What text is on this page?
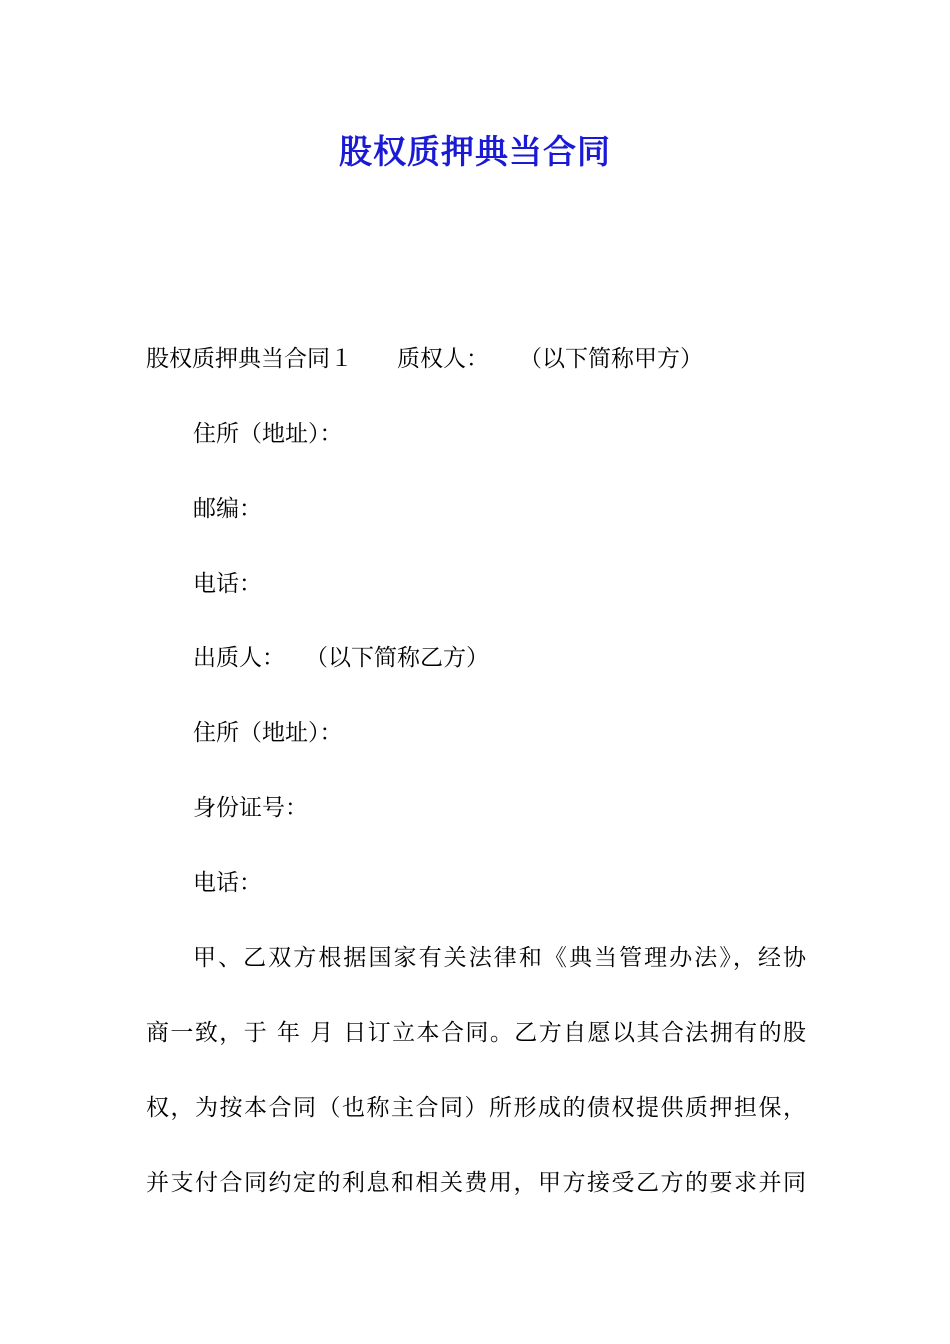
股权质押典当合同
股权质押典当合同１ 质权人： （以下简称甲方）
住所（地址）：
邮编：
电话：
出质人： （以下简称乙方）
住所（地址）：
身份证号：
电话：
甲、乙双方根据国家有关法律和《典当管理办法》，经协
商一致，于 年 月 日订立本合同。乙方自愿以其合法拥有的股
权，为按本合同（也称主合同）所形成的债权提供质押担保，
并支付合同约定的利息和相关费用，甲方接受乙方的要求并同
